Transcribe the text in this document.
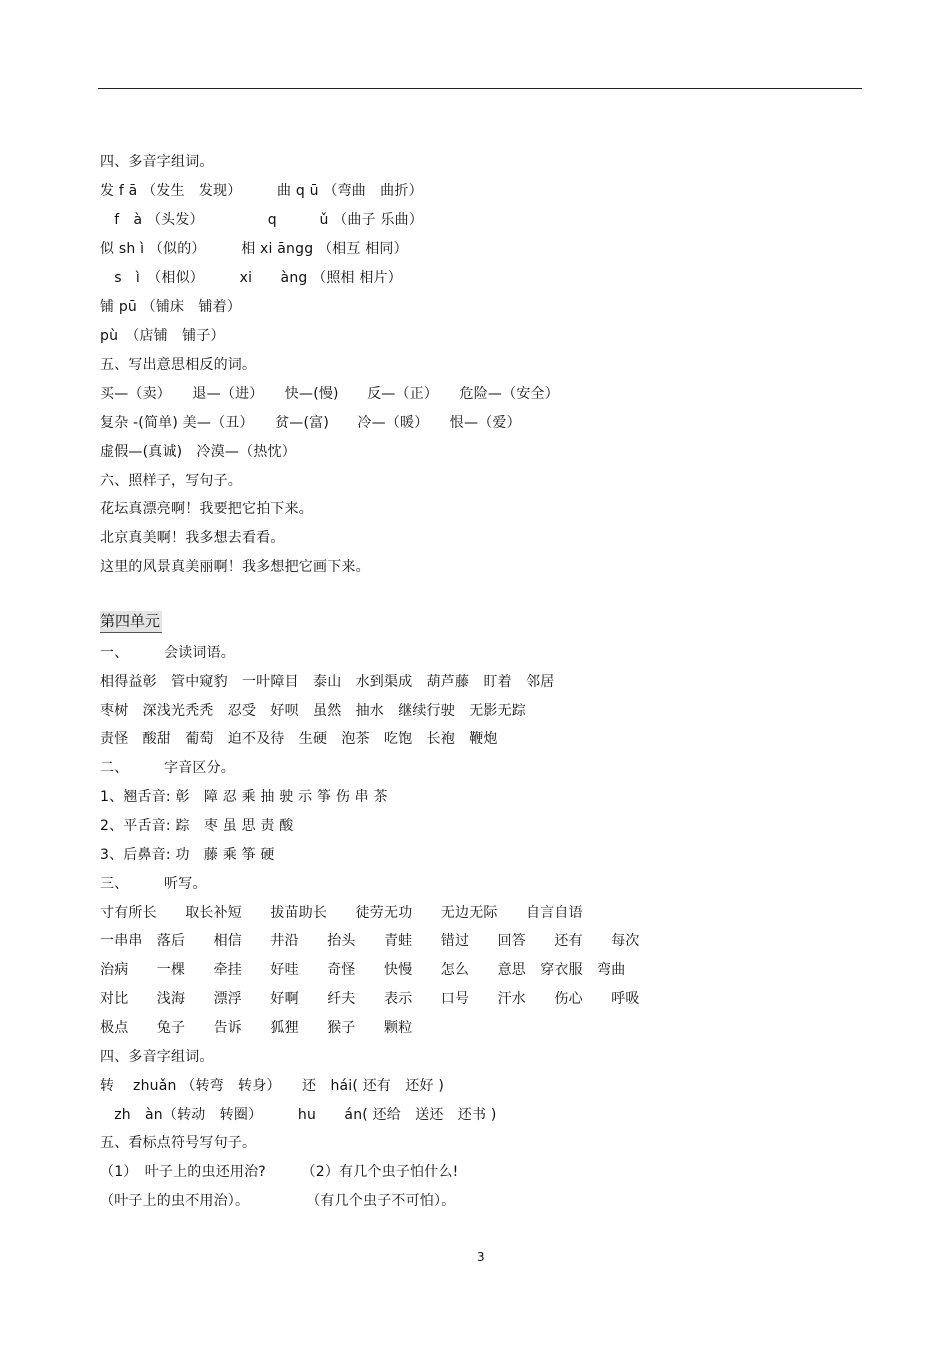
四、多音字组词。
发 f ā （发生　发现）　　　曲 q ū （弯曲　曲折）
　f　à （头发）　　　　　q　　　ǔ （曲子 乐曲）
似 sh ì （似的）　　　相 xi āngg （相互 相同）
　s　ì　（相似）　　　xi　　àng （照相 相片）
铺 pū （铺床　铺着）
pù　（店铺　铺子）
五、写出意思相反的词。
买—（卖）　　退—（进）　　快—(慢)　　反—（正）　　危险—（安全）
复杂 -(简单) 美—（丑）　　贫—(富)　　冷—（暖）　　恨—（爱）
虚假—(真诚)　冷漠—（热忱）
六、照样子，写句子。
花坛真漂亮啊！我要把它拍下来。
北京真美啊！我多想去看看。
这里的风景真美丽啊！我多想把它画下来。
第四单元
一、　　　会读词语。
相得益彰　管中窥豹　一叶障目　泰山　水到渠成　葫芦藤　盯着　邻居
枣树　深浅光秃秃　忍受　好呗　虽然　抽水　继续行驶　无影无踪
责怪　酸甜　葡萄　迫不及待　生硬　泡茶　吃饱　长袍　鞭炮
二、　　　字音区分。
1、翘舌音: 彰　障 忍 乘 抽 驶 示 筝 伤 串 茶
2、平舌音: 踪　枣 虽 思 责 酸
3、后鼻音: 功　藤 乘 筝 硬
三、　　　听写。
寸有所长　　取长补短　　拔苗助长　　徒劳无功　　无边无际　　自言自语
一串串　落后　　相信　　井沿　　抬头　　青蛙　　错过　　回答　　还有　　每次
治病　　一棵　　牵挂　　好哇　　奇怪　　快慢　　怎么　　意思　穿衣服　弯曲
对比　　浅海　　漂浮　　好啊　　纤夫　　表示　　口号　　汗水　　伤心　　呼吸
极点　　兔子　　告诉　　狐狸　　猴子　　颗粒
四、多音字组词。
转　 zhuǎn （转弯　转身）　　还　hái( 还有　还好 )
　zh　àn（转动　转圈）　　　hu　　án( 还给　送还　还书 )
五、看标点符号写句子。
（1）　叶子上的虫还用治?　　　（2）有几个虫子怕什么!
（叶子上的虫不用治）。　　　　　（有几个虫子不可怕）。
3
